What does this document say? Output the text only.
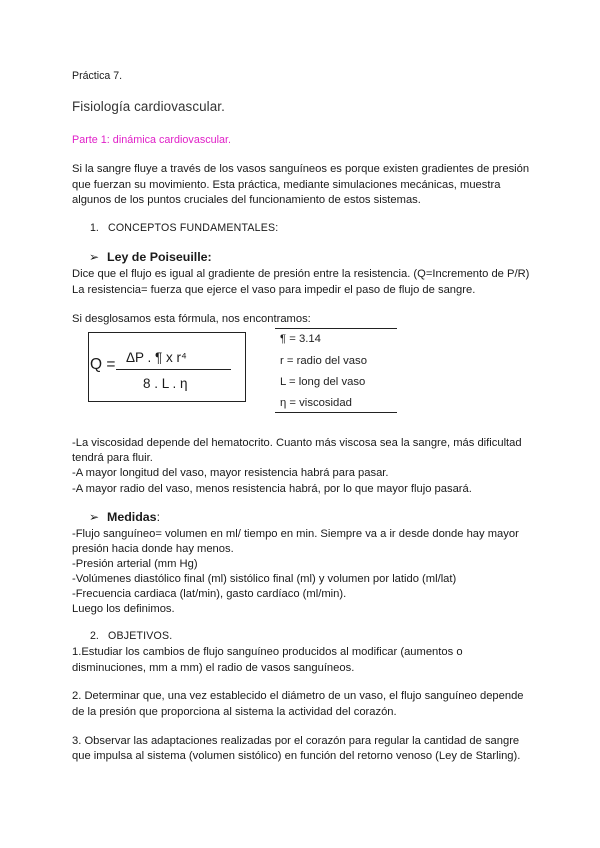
Práctica 7.
Fisiología cardiovascular.
Parte 1: dinámica cardiovascular.
Si la sangre fluye a través de los vasos sanguíneos es porque existen gradientes de presión
que fuerzan su movimiento. Esta práctica, mediante simulaciones mecánicas, muestra
algunos de los puntos cruciales del funcionamiento de estos sistemas.
1. CONCEPTOS FUNDAMENTALES:
➢ Ley de Poiseuille:
Dice que el flujo es igual al gradiente de presión entre la resistencia. (Q=Incremento de P/R)
La resistencia= fuerza que ejerce el vaso para impedir el paso de flujo de sangre.
Si desglosamos esta fórmula, nos encontramos:
Q = ΔP . ¶ x r⁴
8 . L . η
¶ = 3.14
r = radio del vaso
L = long del vaso
η = viscosidad
-La viscosidad depende del hematocrito. Cuanto más viscosa sea la sangre, más dificultad
tendrá para fluir.
-A mayor longitud del vaso, mayor resistencia habrá para pasar.
-A mayor radio del vaso, menos resistencia habrá, por lo que mayor flujo pasará.
➢ Medidas:
-Flujo sanguíneo= volumen en ml/ tiempo en min. Siempre va a ir desde donde hay mayor
presión hacia donde hay menos.
-Presión arterial (mm Hg)
-Volúmenes diastólico final (ml) sistólico final (ml) y volumen por latido (ml/lat)
-Frecuencia cardiaca (lat/min), gasto cardíaco (ml/min).
Luego los definimos.
2. OBJETIVOS.
1.Estudiar los cambios de flujo sanguíneo producidos al modificar (aumentos o
disminuciones, mm a mm) el radio de vasos sanguíneos.
2. Determinar que, una vez establecido el diámetro de un vaso, el flujo sanguíneo depende
de la presión que proporciona al sistema la actividad del corazón.
3. Observar las adaptaciones realizadas por el corazón para regular la cantidad de sangre
que impulsa al sistema (volumen sistólico) en función del retorno venoso (Ley de Starling).
